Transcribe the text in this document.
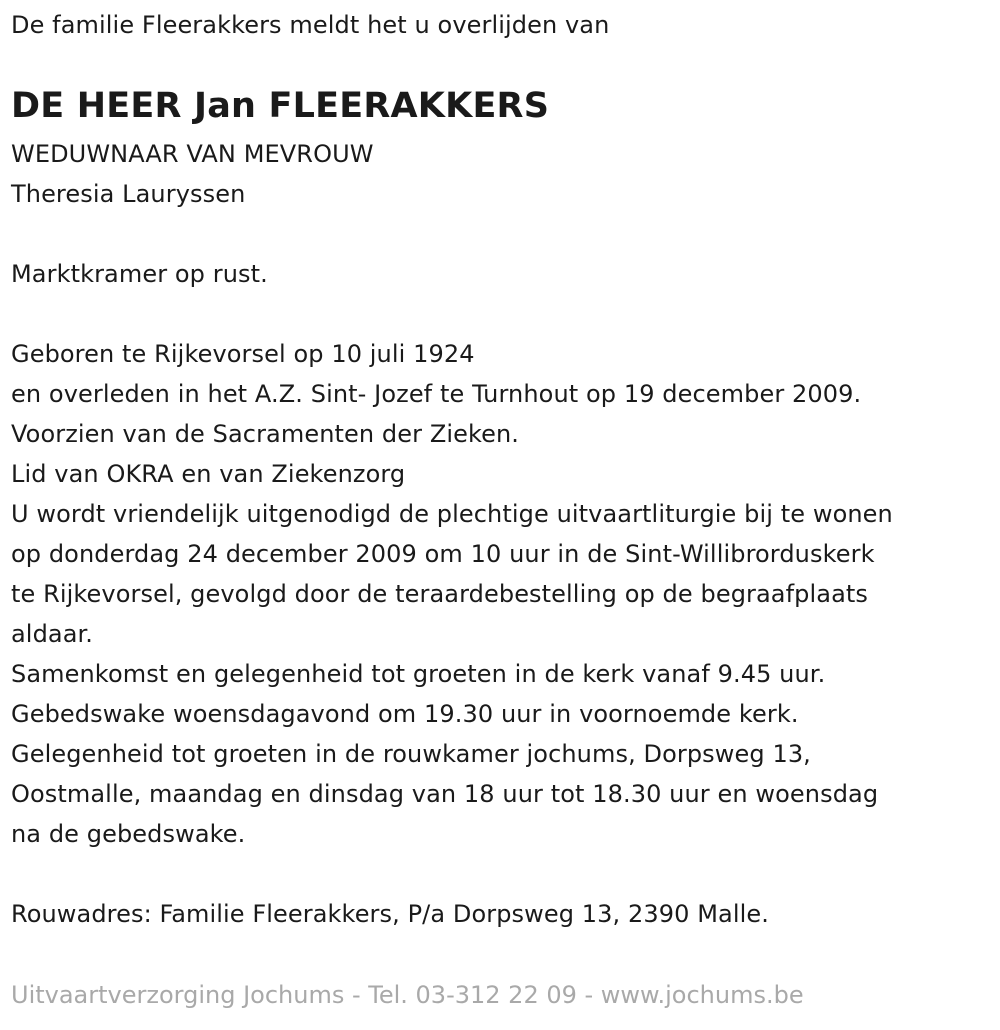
De familie Fleerakkers meldt het u overlijden van
DE HEER Jan FLEERAKKERS
WEDUWNAAR VAN MEVROUW
Theresia Lauryssen
Marktkramer op rust.
Geboren te Rijkevorsel op 10 juli 1924
en overleden in het A.Z. Sint- Jozef te Turnhout op 19 december 2009.
Voorzien van de Sacramenten der Zieken.
Lid van OKRA en van Ziekenzorg
U wordt vriendelijk uitgenodigd de plechtige uitvaartliturgie bij te wonen
op donderdag 24 december 2009 om 10 uur in de Sint-Willibrorduskerk
te Rijkevorsel, gevolgd door de teraardebestelling op de begraafplaats
aldaar.
Samenkomst en gelegenheid tot groeten in de kerk vanaf 9.45 uur.
Gebedswake woensdagavond om 19.30 uur in voornoemde kerk.
Gelegenheid tot groeten in de rouwkamer jochums, Dorpsweg 13,
Oostmalle, maandag en dinsdag van 18 uur tot 18.30 uur en woensdag
na de gebedswake.
Rouwadres: Familie Fleerakkers, P/a Dorpsweg 13, 2390 Malle.
Uitvaartverzorging Jochums - Tel. 03-312 22 09 - www.jochums.be
